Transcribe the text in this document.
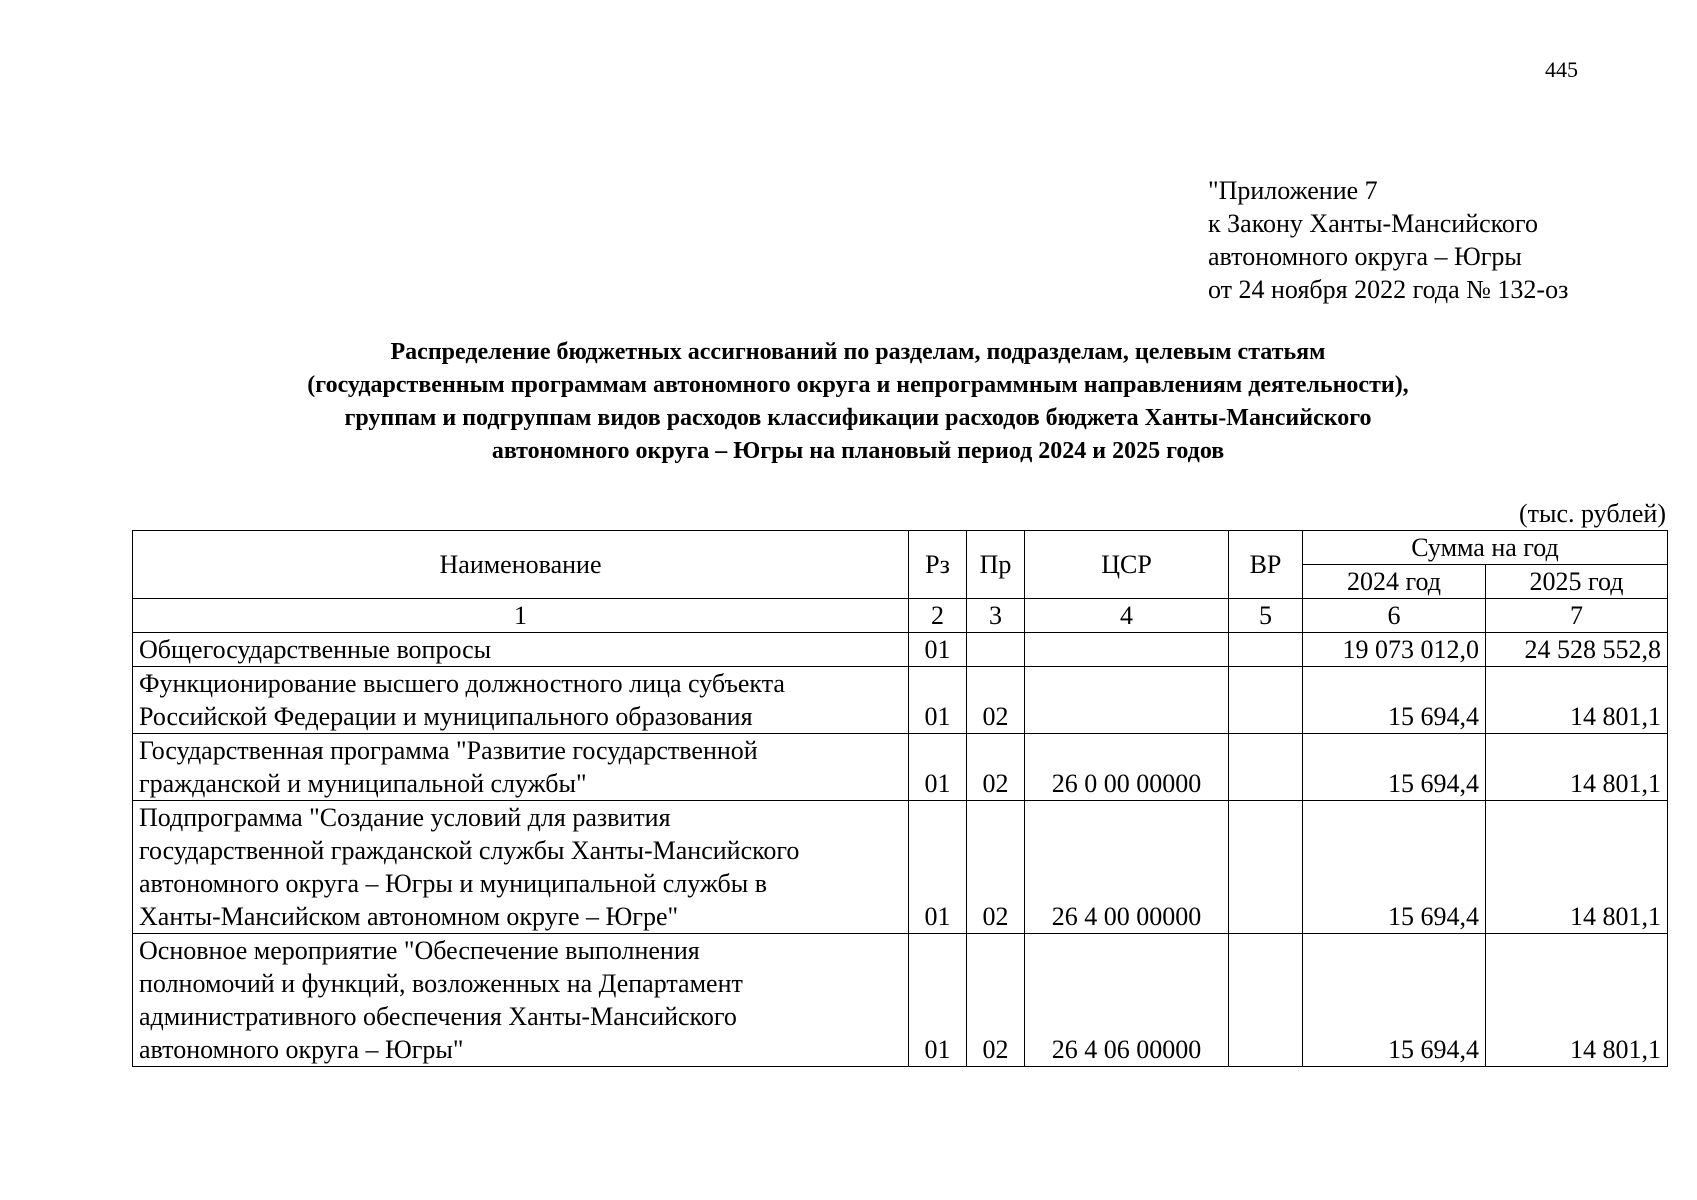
445
"Приложение 7
к Закону Ханты-Мансийского
автономного округа – Югры
от 24 ноября 2022 года № 132-оз
Распределение бюджетных ассигнований по разделам, подразделам, целевым статьям
(государственным программам автономного округа и непрограммным направлениям деятельности),
группам и подгруппам видов расходов классификации расходов бюджета Ханты-Мансийского
автономного округа – Югры на плановый период 2024 и 2025 годов
(тыс. рублей)
Наименование	Рз	Пр	ЦСР	ВР	Сумма на год	
					2024 год	2025 год
1	2	3	4	5	6	7
Общегосударственные вопросы	01				19 073 012,0	24 528 552,8
Функционирование высшего должностного лица субъекта
Российской Федерации и муниципального образования	01	02			15 694,4	14 801,1
Государственная программа "Развитие государственной
гражданской и муниципальной службы"	01	02	26 0 00 00000		15 694,4	14 801,1
Подпрограмма "Создание условий для развития
государственной гражданской службы Ханты-Мансийского
автономного округа – Югры и муниципальной службы в
Ханты-Мансийском автономном округе – Югре"	01	02	26 4 00 00000		15 694,4	14 801,1
Основное мероприятие "Обеспечение выполнения
полномочий и функций, возложенных на Департамент
административного обеспечения Ханты-Мансийского
автономного округа – Югры"	01	02	26 4 06 00000		15 694,4	14 801,1
